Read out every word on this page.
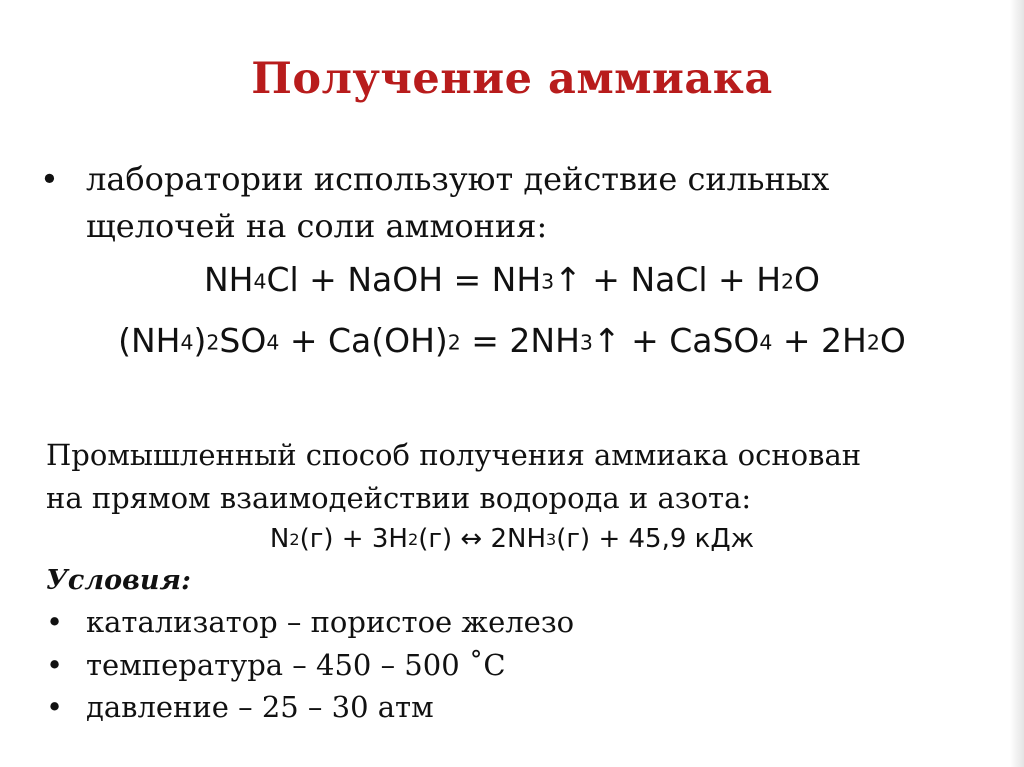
Получение аммиака
• лаборатории используют действие сильных
щелочей на соли аммония:
NH4Cl + NaOH = NH3↑ + NaCl + H2O
(NH4)2SO4 + Ca(OH)2 = 2NH3↑ + CaSO4 + 2H2O
Промышленный способ получения аммиака основан
на прямом взаимодействии водорода и азота:
N2(г) + 3H2(г) ↔ 2NH3(г) + 45,9 кДж
Условия:
• катализатор – пористое железо
• температура – 450 – 500 ˚С
• давление – 25 – 30 атм
